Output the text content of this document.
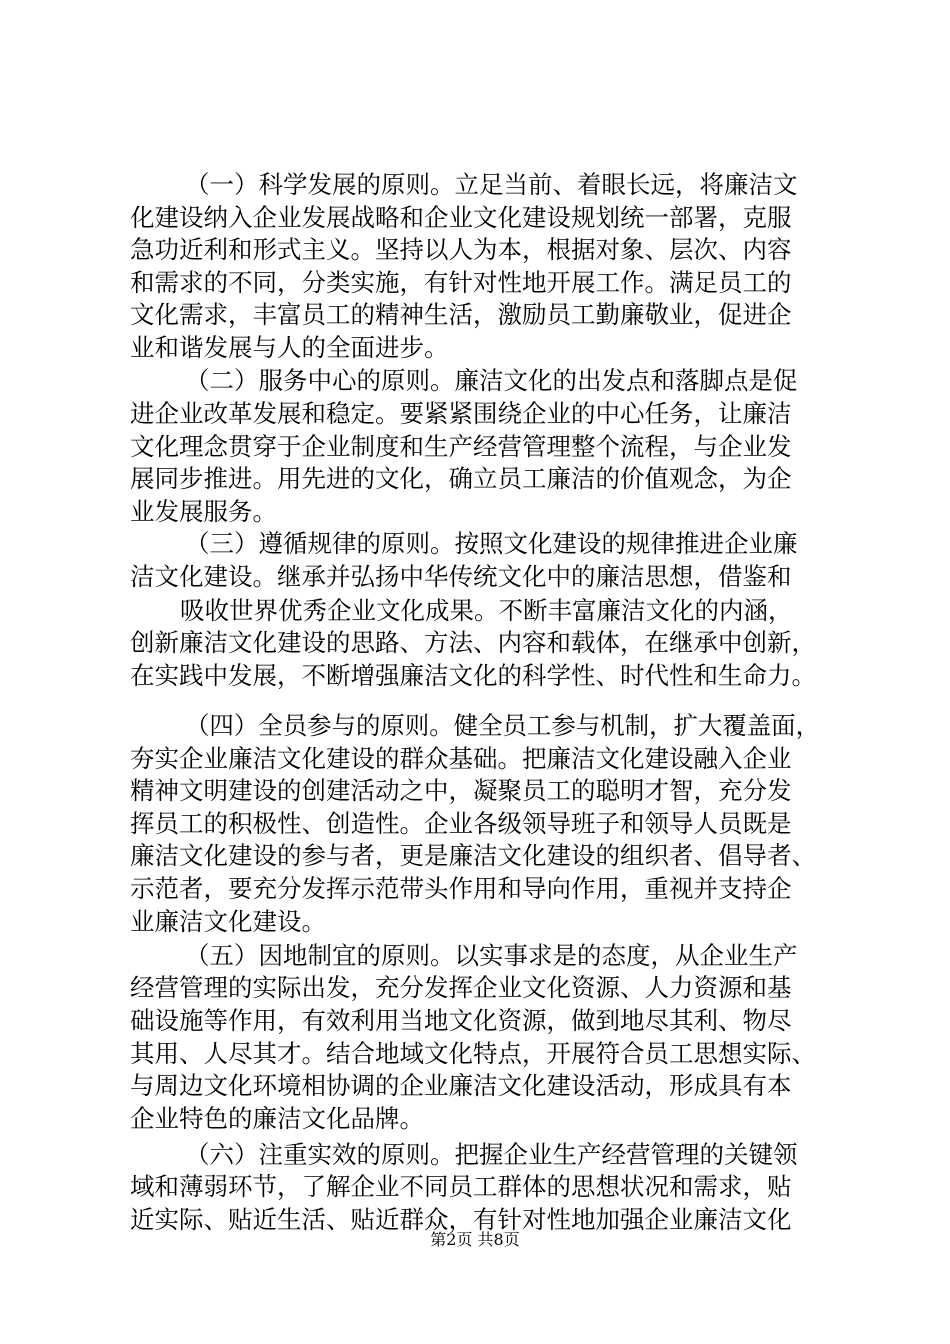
（一）科学发展的原则。立足当前、着眼长远，将廉洁文
化建设纳入企业发展战略和企业文化建设规划统一部署，克服
急功近利和形式主义。坚持以人为本，根据对象、层次、内容
和需求的不同，分类实施，有针对性地开展工作。满足员工的
文化需求，丰富员工的精神生活，激励员工勤廉敬业，促进企
业和谐发展与人的全面进步。
（二）服务中心的原则。廉洁文化的出发点和落脚点是促
进企业改革发展和稳定。要紧紧围绕企业的中心任务，让廉洁
文化理念贯穿于企业制度和生产经营管理整个流程，与企业发
展同步推进。用先进的文化，确立员工廉洁的价值观念，为企
业发展服务。
（三）遵循规律的原则。按照文化建设的规律推进企业廉
洁文化建设。继承并弘扬中华传统文化中的廉洁思想，借鉴和
吸收世界优秀企业文化成果。不断丰富廉洁文化的内涵，
创新廉洁文化建设的思路、方法、内容和载体，在继承中创新，
在实践中发展，不断增强廉洁文化的科学性、时代性和生命力。
（四）全员参与的原则。健全员工参与机制，扩大覆盖面，
夯实企业廉洁文化建设的群众基础。把廉洁文化建设融入企业
精神文明建设的创建活动之中，凝聚员工的聪明才智，充分发
挥员工的积极性、创造性。企业各级领导班子和领导人员既是
廉洁文化建设的参与者，更是廉洁文化建设的组织者、倡导者、
示范者，要充分发挥示范带头作用和导向作用，重视并支持企
业廉洁文化建设。
（五）因地制宜的原则。以实事求是的态度，从企业生产
经营管理的实际出发，充分发挥企业文化资源、人力资源和基
础设施等作用，有效利用当地文化资源，做到地尽其利、物尽
其用、人尽其才。结合地域文化特点，开展符合员工思想实际、
与周边文化环境相协调的企业廉洁文化建设活动，形成具有本
企业特色的廉洁文化品牌。
（六）注重实效的原则。把握企业生产经营管理的关键领
域和薄弱环节，了解企业不同员工群体的思想状况和需求，贴
近实际、贴近生活、贴近群众，有针对性地加强企业廉洁文化
第2页 共8页
